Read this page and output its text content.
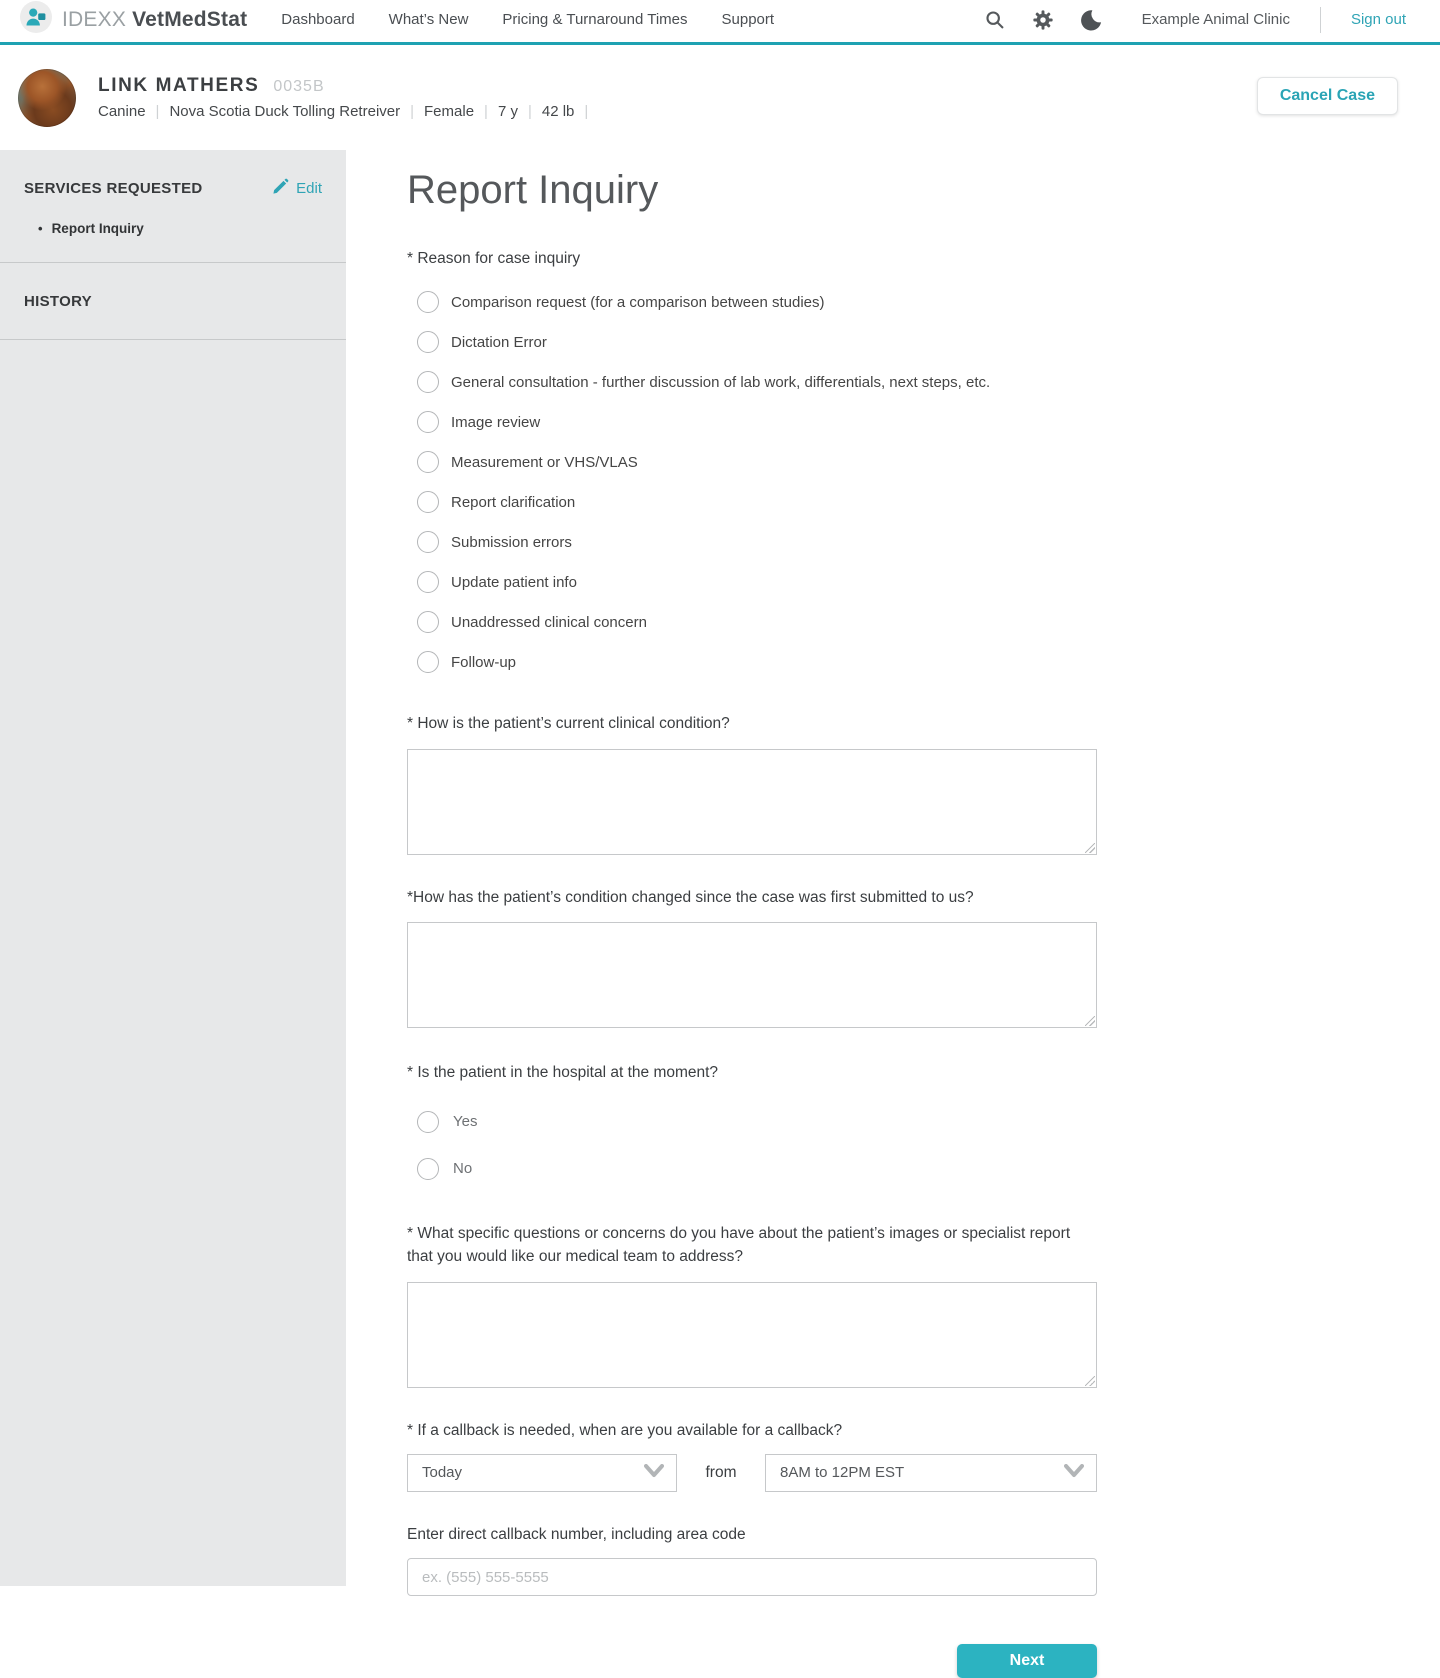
IDEXX VetMedStat Dashboard What’s New Pricing & Turnaround Times Support	Example Animal Clinic	Sign out
LINK MATHERS 0035B
Canine | Nova Scotia Duck Tolling Retreiver | Female | 7 y | 42 lb |
Cancel Case
SERVICES REQUESTED	Edit
• Report Inquiry
HISTORY
Report Inquiry
* Reason for case inquiry
Comparison request (for a comparison between studies)
Dictation Error
General consultation - further discussion of lab work, differentials, next steps, etc.
Image review
Measurement or VHS/VLAS
Report clarification
Submission errors
Update patient info
Unaddressed clinical concern
Follow-up
* How is the patient’s current clinical condition?
*How has the patient’s condition changed since the case was first submitted to us?
* Is the patient in the hospital at the moment?
Yes
No
* What specific questions or concerns do you have about the patient’s images or specialist report that you would like our medical team to address?
* If a callback is needed, when are you available for a callback?
Today	from	8AM to 12PM EST
Enter direct callback number, including area code
ex. (555) 555-5555
Next
